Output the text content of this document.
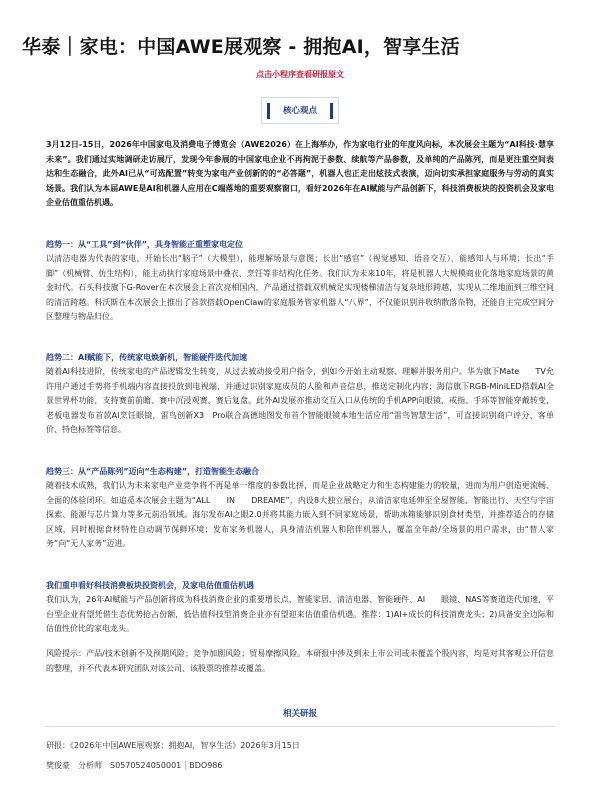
华泰｜家电：中国AWE展观察 - 拥抱AI，智享生活
点击小程序查看研报原文
核心观点

3月12日-15日，2026年中国家电及消费电子博览会（AWE2026）在上海举办，作为家电行业的年度风向标，本次展会主题为“AI科技·慧享未来”。我们通过实地调研走访展厅，发现今年参展的中国家电企业不再拘泥于参数、续航等产品参数，及单纯的产品陈列，而是更注重空间表达和生态融合，此外AI已从“可选配置”转变为家电产业创新的的“必答题”，机器人也正走出炫技式表演，迈向切实承担家庭服务与劳动的真实场景。我们认为本届AWE是AI和机器人应用在C端落地的重要观察窗口，看好2026年在AI赋能与产品创新下，科技消费板块的投资机会及家电企业估值重估机遇。

趋势一：从“工具”到“伙伴”，具身智能正重塑家电定位

以清洁电器为代表的家电，开始长出“脑子”（大模型），能理解场景与意图；长出“感官”（视觉感知、语音交互），能感知人与环境；长出“手脚”（机械臂、仿生结构），能主动执行家庭场景中叠衣、烹饪等非结构化任务。我们认为未来10年，将是机器人大规模商业化落地家庭场景的黄金时代。石头科技旗下G-Rover在本次展会上首次亮相国内，产品通过搭载双机械足实现楼梯清洁与复杂地形跨越，实现从二维地面到三维空间的清洁跨越。科沃斯在本次展会上推出了首款搭载OpenClaw的家庭服务管家机器人“八界”，不仅能识别并收纳散落杂物，还能自主完成空间分区整理与物品归位。

趋势二：AI赋能下，传统家电焕新机，智能硬件迭代加速

随着AI科技进阶，传统家电的产品逻辑发生转变，从过去被动接受用户指令，到如今开始主动观察、理解并服务用户。华为旗下Mate　　TV允许用户通过手势将手机端内容直接投放到电视端，并通过识别家庭成员的人脸和声音信息，推送定制化内容；海信旗下RGB-MiniLED搭载AI全景世界杯功能，支持赛前前瞻、赛中沉浸观赛、赛后复盘。此外AI发展亦推动交互入口从传统的手机APP向眼镜、戒指、手环等智能穿戴转变，老板电器发布首款AI烹饪眼镜，雷鸟创新X3　Pro联合高德地图发布首个智能眼镜本地生活应用“雷鸟智慧生活”，可直接识别商户评分、客单价、特色标签等信息。

趋势三：从“产品陈列”迈向“生态构建”，打造智能生态融合

随着技术成熟，我们认为未来家电产业竞争将不再是单一维度的参数比拼，而是企业战略定力和生态构建能力的较量，进而为用户创造更流畅、全面的体验闭环。如追觅本次展会主题为“ALL　　IN　　DREAME”，内设8大独立展台，从清洁家电延伸至全屋智能、智能出行、天空与宇宙探索、能源与芯片算力等多元前沿领域。海尔发布AI之眼2.0并将其能力嵌入到不同家庭场景，帮助冰箱能够识别食材类型，并推荐适合的存储区域，同时根据食材特性自动调节保鲜环境；发布家务机器人，具身清洁机器人和陪伴机器人，覆盖全年龄/全场景的用户需求，由“替人家务”向“无人家务”迈进。

我们重申看好科技消费板块投资机会，及家电估值重估机遇

我们认为，26年AI赋能与产品创新将成为科技消费企业的重要增长点，智能家居、清洁电器、智能硬件、AI　　眼镜、NAS等赛道迭代加速，平台型企业有望凭借生态优势抢占份额，低估值科技型消费企业亦有望迎来估值重估机遇。推荐：1)AI+成长的科技消费龙头；2)具备安全边际和估值性价比的家电龙头。

风险提示：产品/技术创新不及预期风险；竞争加剧风险；贸易摩擦风险。本研报中涉及到未上市公司或未覆盖个股内容，均是对其客观公开信息的整理，并不代表本研究团队对该公司、该股票的推荐或覆盖。

相关研报
研报：《2026年中国AWE展观察：拥抱AI，智享生活》2026年3月15日
樊俊豪　分析师　S0570524050001｜BDO986
